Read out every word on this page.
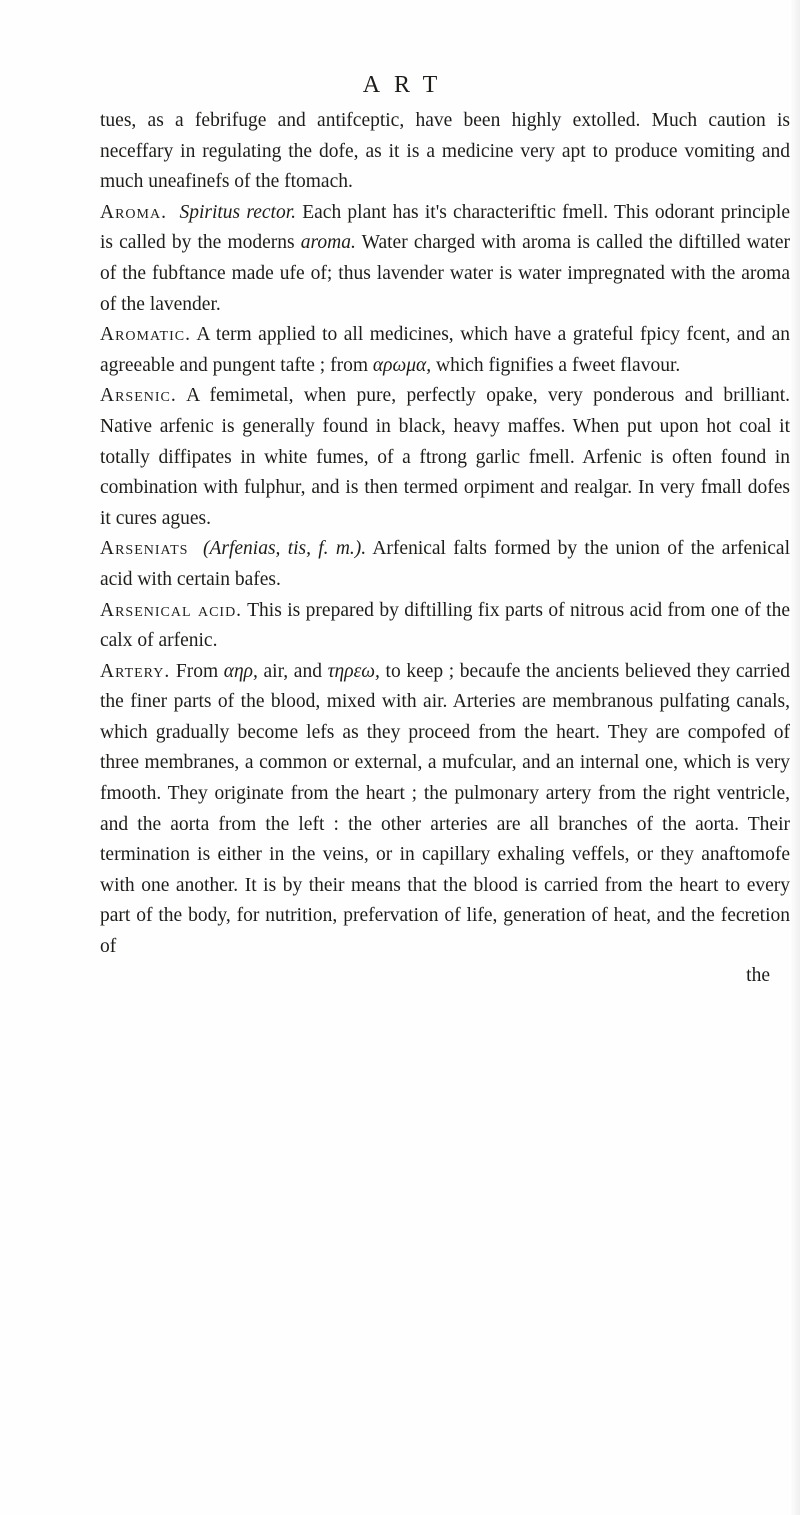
ART

tues, as a febrifuge and antifceptic, have been highly extolled. Much caution is neceffary in regulating the dofe, as it is a medicine very apt to produce vomiting and much uneafinefs of the ftomach.

Aroma. Spiritus rector. Each plant has it's characteriftic fmell. This odorant principle is called by the moderns aroma. Water charged with aroma is called the diftilled water of the fubftance made ufe of; thus lavender water is water impregnated with the aroma of the lavender.

Aromatic. A term applied to all medicines, which have a grateful fpicy fcent, and an agreeable and pungent tafte ; from αρωμα, which fignifies a fweet flavour.

Arsenic. A femimetal, when pure, perfectly opake, very ponderous and brilliant. Native arfenic is generally found in black, heavy maffes. When put upon hot coal it totally diffipates in white fumes, of a ftrong garlic fmell. Arfenic is often found in combination with fulphur, and is then termed orpiment and realgar. In very fmall dofes it cures agues.

Arseniats (Arfenias, tis, f. m.). Arfenical falts formed by the union of the arfenical acid with certain bafes.

Arsenical acid. This is prepared by diftilling fix parts of nitrous acid from one of the calx of arfenic.

Artery. From αηρ, air, and τηρεω, to keep ; becaufe the ancients believed they carried the finer parts of the blood, mixed with air. Arteries are membranous pulfating canals, which gradually become lefs as they proceed from the heart. They are compofed of three membranes, a common or external, a mufcular, and an internal one, which is very fmooth. They originate from the heart ; the pulmonary artery from the right ventricle, and the aorta from the left : the other arteries are all branches of the aorta. Their termination is either in the veins, or in capillary exhaling veffels, or they anaftomofe with one another. It is by their means that the blood is carried from the heart to every part of the body, for nutrition, prefervation of life, generation of heat, and the fecretion of

the
